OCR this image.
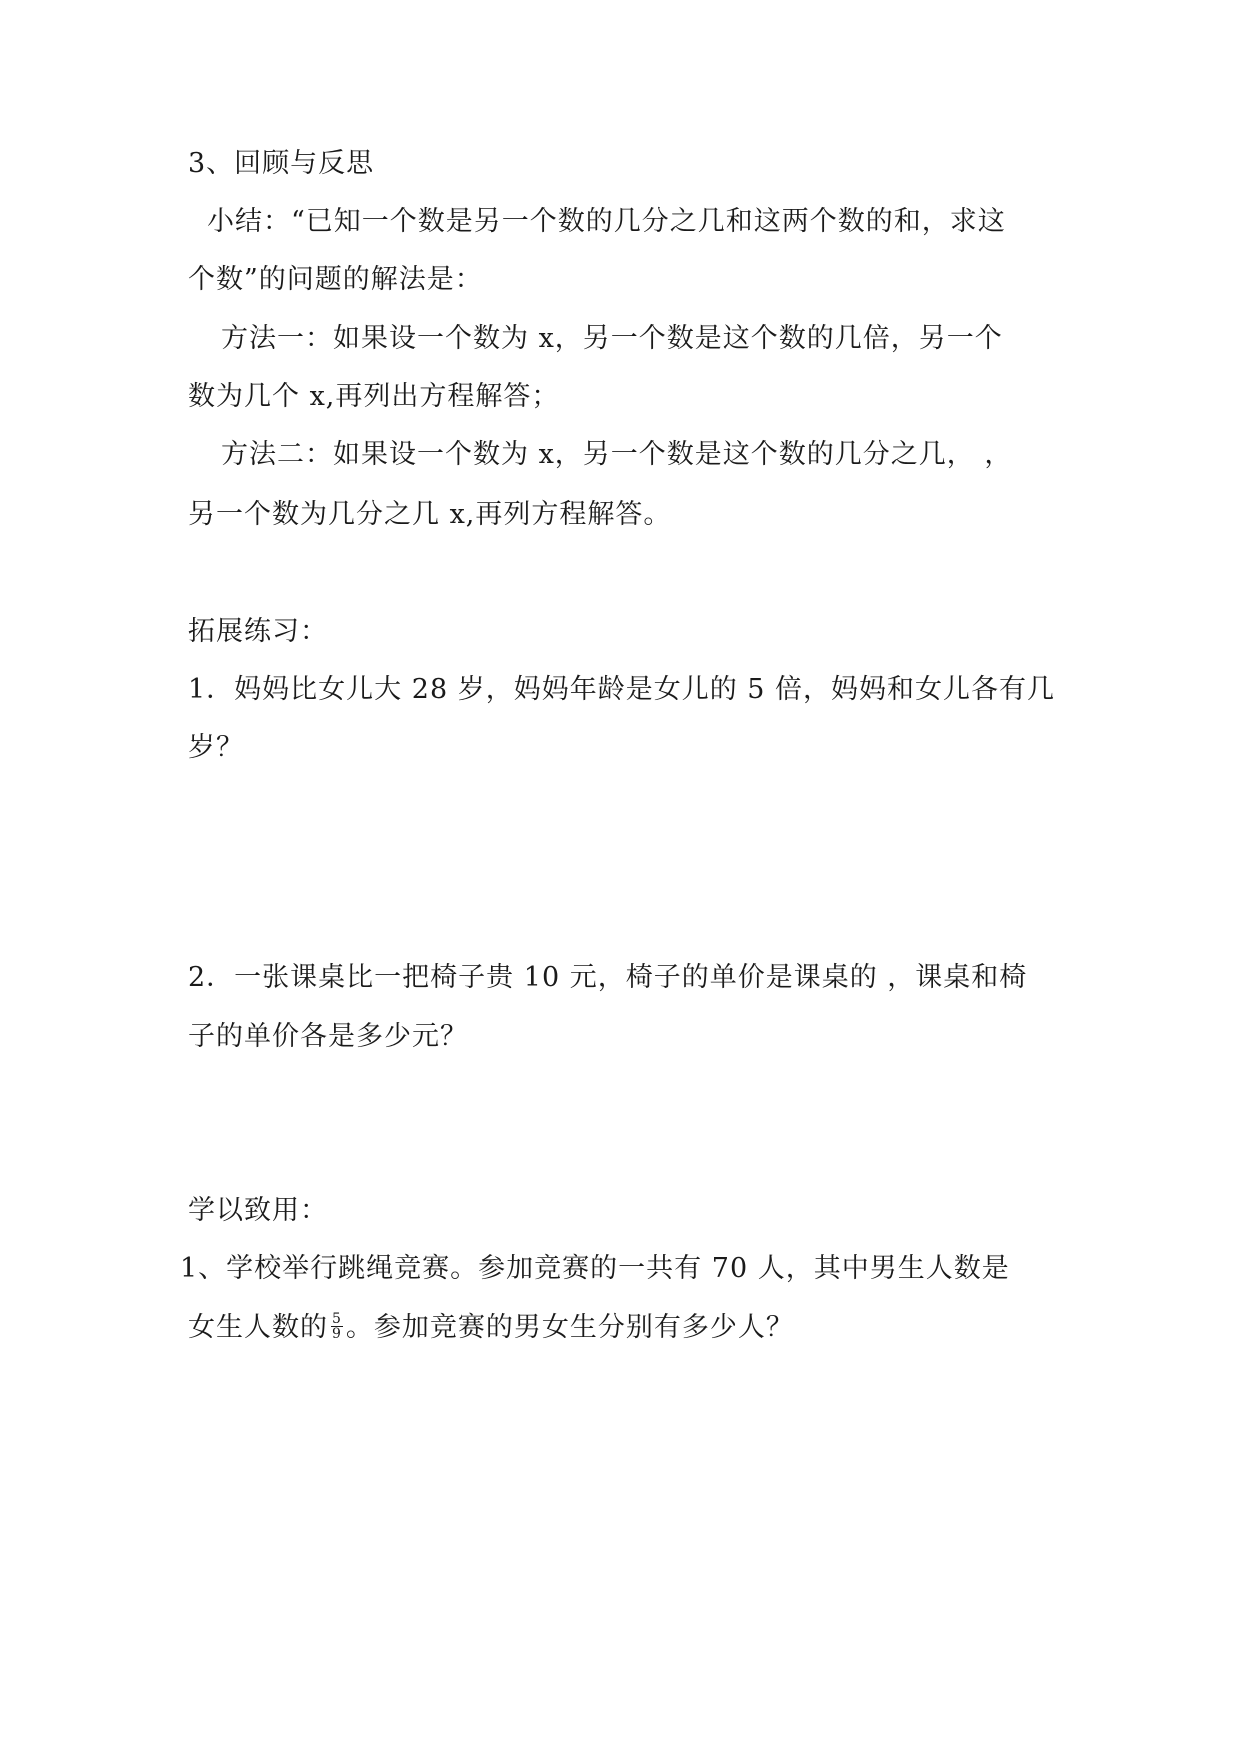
3、回顾与反思
小结：“已知一个数是另一个数的几分之几和这两个数的和，求这
个数”的问题的解法是：
方法一：如果设一个数为 x，另一个数是这个数的几倍，另一个
数为几个 x,再列出方程解答；
方法二：如果设一个数为 x，另一个数是这个数的几分之几， ，
另一个数为几分之几 x,再列方程解答。
拓展练习：
1．妈妈比女儿大 28 岁，妈妈年龄是女儿的 5 倍，妈妈和女儿各有几
岁？
2．一张课桌比一把椅子贵 10 元，椅子的单价是课桌的 ，课桌和椅
子的单价各是多少元？
学以致用：
1、学校举行跳绳竞赛。参加竞赛的一共有 70 人，其中男生人数是
女生人数的 $\frac{5}{9}$ 。参加竞赛的男女生分别有多少人？
